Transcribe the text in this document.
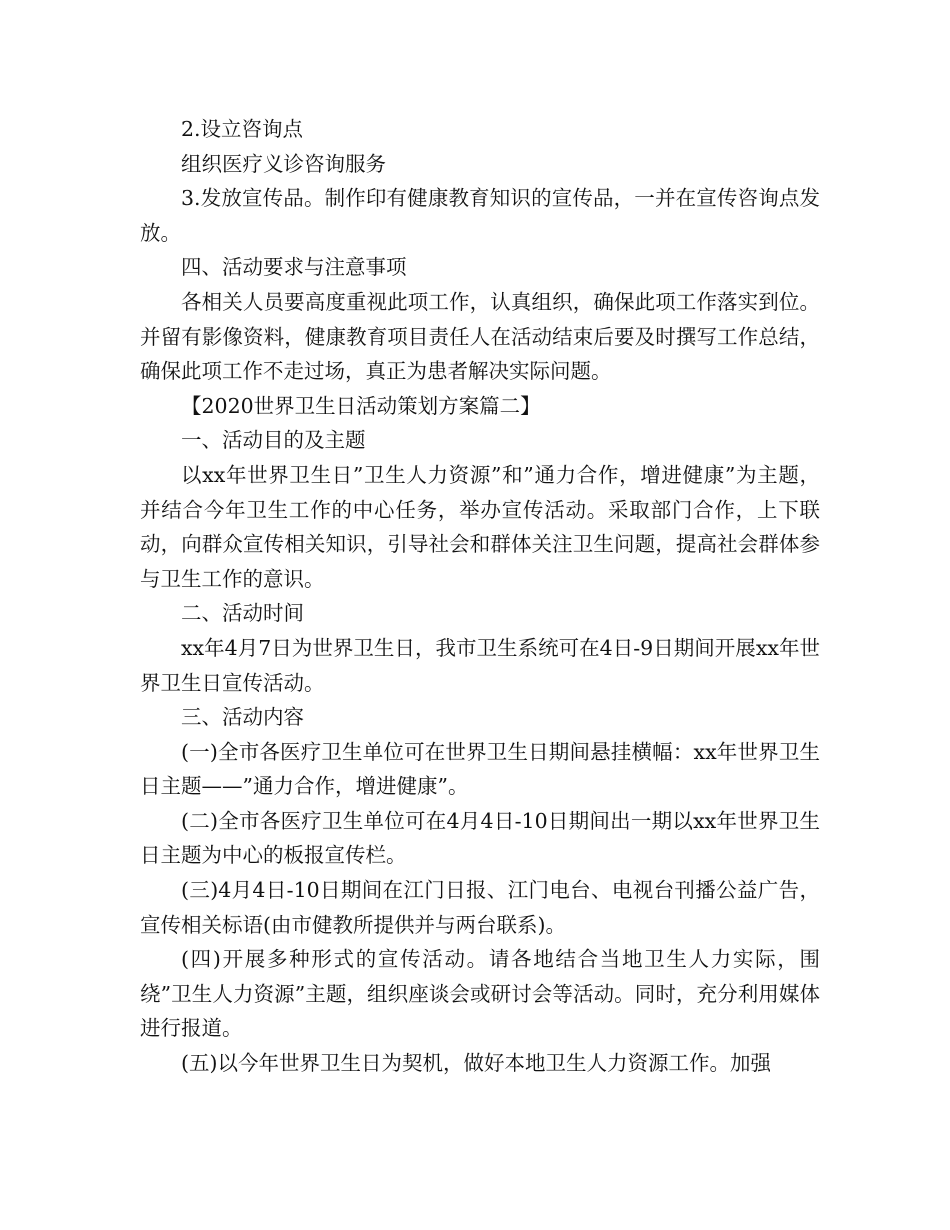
2.设立咨询点

组织医疗义诊咨询服务

3.发放宣传品。制作印有健康教育知识的宣传品，一并在宣传咨询点发放。

四、活动要求与注意事项

各相关人员要高度重视此项工作，认真组织，确保此项工作落实到位。并留有影像资料，健康教育项目责任人在活动结束后要及时撰写工作总结，确保此项工作不走过场，真正为患者解决实际问题。

【2020世界卫生日活动策划方案篇二】

一、活动目的及主题

以xx年世界卫生日”卫生人力资源”和”通力合作，增进健康”为主题，并结合今年卫生工作的中心任务，举办宣传活动。采取部门合作，上下联动，向群众宣传相关知识，引导社会和群体关注卫生问题，提高社会群体参与卫生工作的意识。

二、活动时间

xx年4月7日为世界卫生日，我市卫生系统可在4日-9日期间开展xx年世界卫生日宣传活动。

三、活动内容

(一)全市各医疗卫生单位可在世界卫生日期间悬挂横幅：xx年世界卫生日主题——”通力合作，增进健康”。

(二)全市各医疗卫生单位可在4月4日-10日期间出一期以xx年世界卫生日主题为中心的板报宣传栏。

(三)4月4日-10日期间在江门日报、江门电台、电视台刊播公益广告，宣传相关标语(由市健教所提供并与两台联系)。

(四)开展多种形式的宣传活动。请各地结合当地卫生人力实际，围绕”卫生人力资源”主题，组织座谈会或研讨会等活动。同时，充分利用媒体进行报道。

(五)以今年世界卫生日为契机，做好本地卫生人力资源工作。加强
